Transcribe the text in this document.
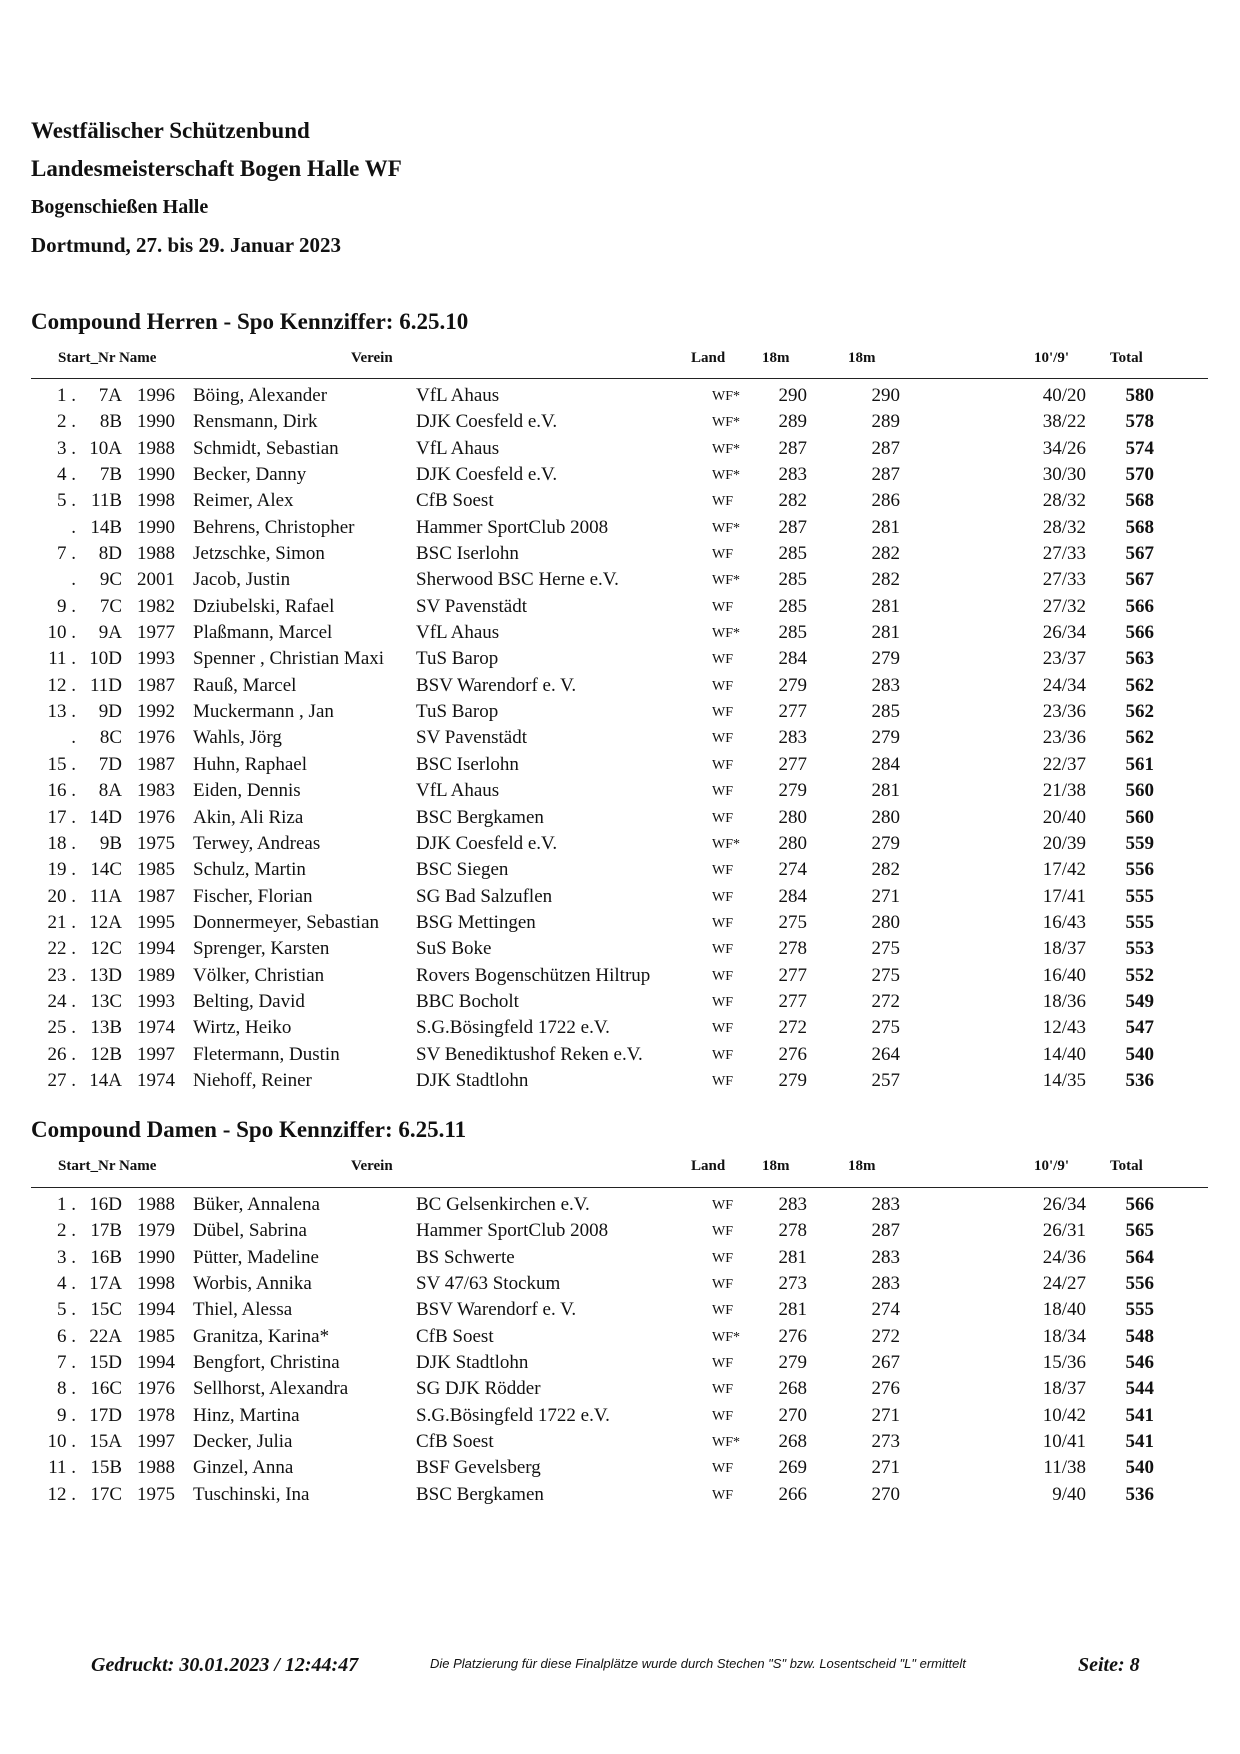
Westfälischer Schützenbund
Landesmeisterschaft Bogen Halle WF
Bogenschießen Halle
Dortmund, 27. bis 29. Januar 2023
Compound Herren - Spo Kennziffer: 6.25.10
Start_Nr Name	Verein	Land 18m	18m	10'/9'	Total
1 .	7A 1996 Böing, Alexander	VfL Ahaus	WF*	290	290	40/20	580
2 .	8B 1990 Rensmann, Dirk	DJK Coesfeld e.V.	WF*	289	289	38/22	578
3 . 10A 1988 Schmidt, Sebastian	VfL Ahaus	WF*	287	287	34/26	574
4 .	7B 1990 Becker, Danny	DJK Coesfeld e.V.	WF*	283	287	30/30	570
5 . 11B 1998 Reimer, Alex	CfB Soest	WF	282	286	28/32	568
. 14B 1990 Behrens, Christopher	Hammer SportClub 2008	WF*	287	281	28/32	568
7 .	8D 1988 Jetzschke, Simon	BSC Iserlohn	WF	285	282	27/33	567
.	9C 2001 Jacob, Justin	Sherwood BSC Herne e.V.	WF*	285	282	27/33	567
9 .	7C 1982 Dziubelski, Rafael	SV Pavenstädt	WF	285	281	27/32	566
10 .	9A 1977 Plaßmann, Marcel	VfL Ahaus	WF*	285	281	26/34	566
11 . 10D 1993 Spenner , Christian Maxi	TuS Barop	WF	284	279	23/37	563
12 . 11D 1987 Rauß, Marcel	BSV Warendorf e. V.	WF	279	283	24/34	562
13 .	9D 1992 Muckermann , Jan	TuS Barop	WF	277	285	23/36	562
.	8C 1976 Wahls, Jörg	SV Pavenstädt	WF	283	279	23/36	562
15 .	7D 1987 Huhn, Raphael	BSC Iserlohn	WF	277	284	22/37	561
16 .	8A 1983 Eiden, Dennis	VfL Ahaus	WF	279	281	21/38	560
17 . 14D 1976 Akin, Ali Riza	BSC Bergkamen	WF	280	280	20/40	560
18 .	9B 1975 Terwey, Andreas	DJK Coesfeld e.V.	WF*	280	279	20/39	559
19 . 14C 1985 Schulz, Martin	BSC Siegen	WF	274	282	17/42	556
20 . 11A 1987 Fischer, Florian	SG Bad Salzuflen	WF	284	271	17/41	555
21 . 12A 1995 Donnermeyer, Sebastian	BSG Mettingen	WF	275	280	16/43	555
22 . 12C 1994 Sprenger, Karsten	SuS Boke	WF	278	275	18/37	553
23 . 13D 1989 Völker, Christian	Rovers Bogenschützen Hiltrup	WF	277	275	16/40	552
24 . 13C 1993 Belting, David	BBC Bocholt	WF	277	272	18/36	549
25 . 13B 1974 Wirtz, Heiko	S.G.Bösingfeld 1722 e.V.	WF	272	275	12/43	547
26 . 12B 1997 Fletermann, Dustin	SV Benediktushof Reken e.V.	WF	276	264	14/40	540
27 . 14A 1974 Niehoff, Reiner	DJK Stadtlohn	WF	279	257	14/35	536
Compound Damen - Spo Kennziffer: 6.25.11
Start_Nr Name	Verein	Land 18m	18m	10'/9'	Total
1 . 16D 1988 Büker, Annalena	BC Gelsenkirchen e.V.	WF	283	283	26/34	566
2 . 17B 1979 Dübel, Sabrina	Hammer SportClub 2008	WF	278	287	26/31	565
3 . 16B 1990 Pütter, Madeline	BS Schwerte	WF	281	283	24/36	564
4 . 17A 1998 Worbis, Annika	SV 47/63 Stockum	WF	273	283	24/27	556
5 . 15C 1994 Thiel, Alessa	BSV Warendorf e. V.	WF	281	274	18/40	555
6 . 22A 1985 Granitza, Karina*	CfB Soest	WF*	276	272	18/34	548
7 . 15D 1994 Bengfort, Christina	DJK Stadtlohn	WF	279	267	15/36	546
8 . 16C 1976 Sellhorst, Alexandra	SG DJK Rödder	WF	268	276	18/37	544
9 . 17D 1978 Hinz, Martina	S.G.Bösingfeld 1722 e.V.	WF	270	271	10/42	541
10 . 15A 1997 Decker, Julia	CfB Soest	WF*	268	273	10/41	541
11 . 15B 1988 Ginzel, Anna	BSF Gevelsberg	WF	269	271	11/38	540
12 . 17C 1975 Tuschinski, Ina	BSC Bergkamen	WF	266	270	9/40	536
Gedruckt: 30.01.2023 / 12:44:47	Die Platzierung für diese Finalplätze wurde durch Stechen "S" bzw. Losentscheid "L" ermittelt	Seite: 8
